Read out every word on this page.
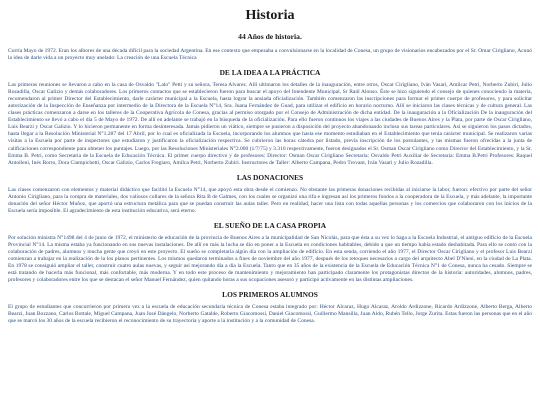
Historia
44 Años de historia.

Corría Mayo de 1972. Eran los albores de una década difícil para la sociedad Argentina. En ese contexto que empezaba a convulsionarse en la localidad de Conesa, un grupo de visionarios encabezados por el Sr. Omar Cirigliano, Acunó la idea de darle vida a un proyecto muy anelado: La creación de una Escuela Técnica

DE LA IDEA A LA PRÁCTICA

Las primeras reuniones se llevaron a cabo en la casa de Osvaldo "Lalo" Petti y su señora, Teresa Alvarez. Allí ultimaron los detalles de la inauguración, entre otros, Oscar Cirigliano, Iván Vasari, Amílcar Petri, Norberto Zubiri, Julio Rozadilla, Oscar Galizio y demás colaboradores. Los primeros contactos que se establecieron fueron para buscar el apoyo del Intendente Municipal, Sr Raúl Alonso. Éste se hizo siguiendo el consejo de quienes conociendo la materia, recomendaron al primer Director del Establecimiento, darle carácter municipal a la Escuela, hasta lograr la ansiada oficialización. También comenzaron las inscripciones para formar el primer cuerpo de profesores, y para solicitar autorización de la Inspección de Enseñanza por intermedio de la Directora de la Escuela N°14, Sra. Juana Fernández de Guad, para utilizar el edificio en horario nocturno. Allí se iniciaron las clases técnicas y de cultura general. Las clases prácticas comenzaron a darse en los talleres de la Cooperativa Agrícola de Conesa, gracias al permiso otorgado por el Consejo de Administración de dicha entidad. De la inauguración a la Oficialización De la inauguración del Establecimiento se llevó a cabo el día 5 de Mayo de 1972. De allí en adelante se trabajó en la búsqueda de la oficialización. Para ello fueron continuos los viajes a las ciudades de Buenos Aires y la Plata, por parte de Oscar Cirigliano, Luis Bearzi y Oscar Galizio. Y lo hicieron permanente en forma desinteresada. Jamás pidieron un viático, siempre se pusieron a disposición del proyecto abandonando incluso sus tareas particulares. Así se siguieron los pasos dictados, hasta llegar a la Resolución Ministerial N°1.287 del 17 Abril, por lo cual es oficializada la Escuela, incorporando los alumnos que hasta ese momento estudiaban en el Establecimiento que tenía carácter municipal. Se realizaron varias visitas a la Escuela por parte de inspectores que estudiaron y justificaron la oficialización respectiva. Se cubrieron las horas cátedra por listado, previa inscripción de los postulantes, y las mismas fueron ofrecidas a la junta de calificaciones correspondiente para obtener los puntajes. Luego, por las Resoluciones Ministeriales N°2.000 (1/7/75) y 3.310 respectivamente, fueron designados el Sr. Osman Oscar Cirigliano como Director del Establecimiento, y la Sr. Emma B. Petri, como Secretaria de la Escuela de Educación Técnica. El primer cuerpo directivo y de profesores: Director: Osman Oscar Cirigliano Secretaria: Osvaldo Petri Auxiliar de Secretaria: Emma B.Petri Profesores: Raquel Antolleni, Inés Borro, Dora Ciampichetti, Oscar Galizio, Carlos Fregiaro, Amílca Petri, Norberto Zubiri. Instructores de Taller: Alberto Campana, Pedro Trovant, Iván Vasari y Julio Rozadilla.

LAS DONACIONES

Las clases comenzaron con elementos y material didáctico que facilitó la Escuela N°14, que apoyó esta obra desde el comienzo. No obstante las primeras donaciones recibidas al iniciarse la labor, fueron: efectivo por parte del señor Antonio Cirigliano, para la compra de materiales, dos valiosos collares de la señora Rita B de Galmes, con los cuales se organizó una rifa e ingresan así los primeros fondos a la cooperadora de la Escuela, y más adelante, la importante donación del señor Héctor Muñoz, que aportó una estructura metálica para que se puedan construir las aulas taller. Pero en realidad, hacer una lista con todas aquellas personas y los comercios que colaboraron con los inicios de la Escuela sería imposible. El agradecimiento de esta institución educativa, será eterno.

EL SUEÑO DE LA CASA PROPIA

Por solución ministra N°1498 del 4 de junio de 1972, el ministerio de educación de la provincia de Buenos Aires a la municipalidad de San Nicolás, para que ésta a su vez lo haga a la Escuela Industrial, el antiguo edificio de la Escuela Provincial N°14. La misma estaba ya funcionando en sus nuevas instalaciones. De allí en más la lucha se dio en poner a la Escuela en condiciones habitables, debido a que un tiempo había estado deshabitada. Para ello se contó con la colaboración de padres, alumnos y mucha gente que creyó en este proyecto. El sueño se completaría algún día con la ampliación de edificio. En esta senda, corriendo el año 1977, el Director Oscar Cirigliano y el profesor Luis Bearzi comienzan a trabajar en la realización de la los planos pertinentes. Los mismos quedaron terminados a fines de noviembre del año 1977, después de los retoques necesarios a cargo del arquitecto Abel D'Nieni, en la ciudad de La Plata. En 1978 se consiguió ampliar el taller, construir cuatro aulas nuevas, y seguir así mejorando día a día la Escuela. Tanto que en 35 años de la existencia de la Escuela de Educación Técnica N°1 de Conesa, nunca ha cesado. Siempre se está tratando de hacerla más funcional, más confortable, más moderna. Y en todo este proceso de mantenimiento y mejoramiento han participado claramente los protagonistas directos de la historia: autoridades, alumnos, padres, profesores y colaboradores entre los que se destacan el señor Manuel Fernández, quien quitando horas a sus ocupaciones asesoró y participó activamente en las distintas ampliaciones.

LOS PRIMEROS ALUMNOS

El grupo de estudiantes que concurrieron por primera vez a la escuela de educación secundaria técnica de Conesa estaba integrado por: Héctor Alcaraz, Hugo Alcaraz, Aroldo Ardizzone, Ricardo Ardizzone, Alberto Berga, Alberto Bearzi, Juan Bozzano, Carlos Bottale, Miguel Campana, Juan José Dángelo, Norberto Gatalde, Roberto Giacomossi, Daniel Giacomossi, Guillermo Mansilla, Juan Aldo, Rubén Tello, Jorge Zurita. Estas fueron las personas que en el año que se marcó los 30 años de la escuela recibieron el reconocimiento de su trayectoria y aporte a la institución y a la comunidad de Conesa.
